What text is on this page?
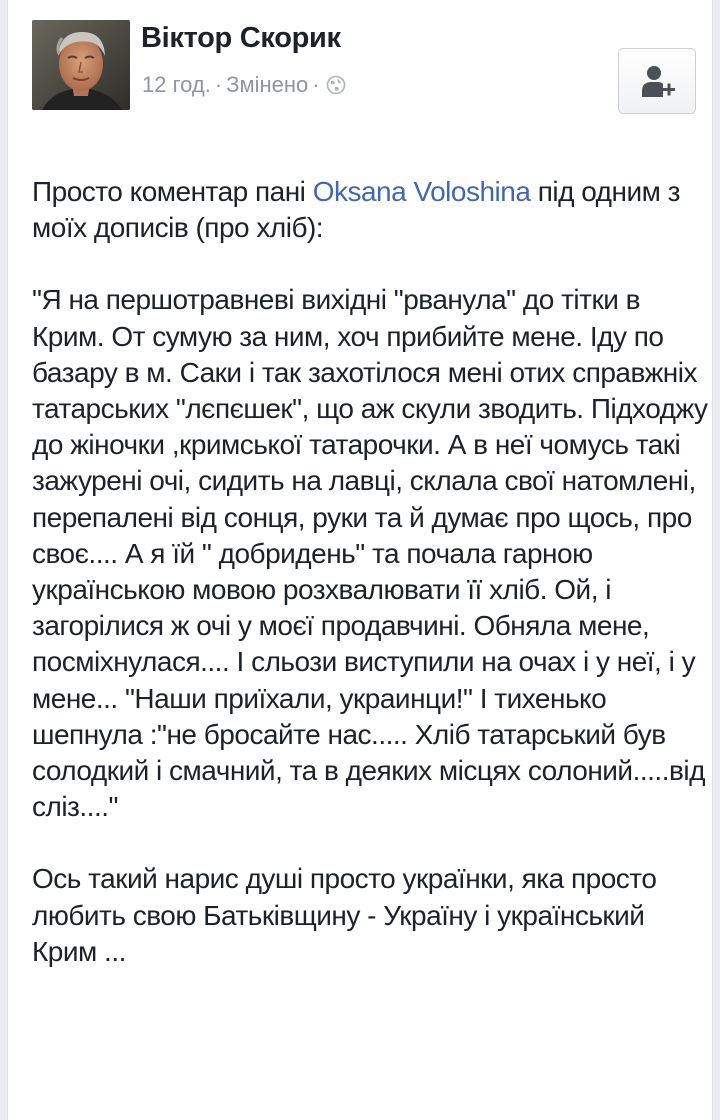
Віктор Скорик
12 год. · Змінено ·

Просто коментар пані Oksana Voloshina під одним з моїх дописів (про хліб):

"Я на першотравневі вихідні "рванула" до тітки в Крим. От сумую за ним, хоч прибийте мене. Іду по базару в м. Саки і так захотілося мені отих справжніх татарських "лєпєшек", що аж скули зводить. Підходжу до жіночки ,кримської татарочки. А в неї чомусь такі зажурені очі, сидить на лавці, склала свої натомлені, перепалені від сонця, руки та й думає про щось, про своє.... А я їй " добридень" та почала гарною українською мовою розхвалювати її хліб. Ой, і загорілися ж очі у моєї продавчині. Обняла мене, посміхнулася.... І сльози виступили на очах і у неї, і у мене... "Наши приїхали, украинци!" І тихенько шепнула :"не бросайте нас..... Хліб татарський був солодкий і смачний, та в деяких місцях солоний.....від сліз...."

Ось такий нарис душі просто українки, яка просто любить свою Батьківщину - Україну і український Крим ...
